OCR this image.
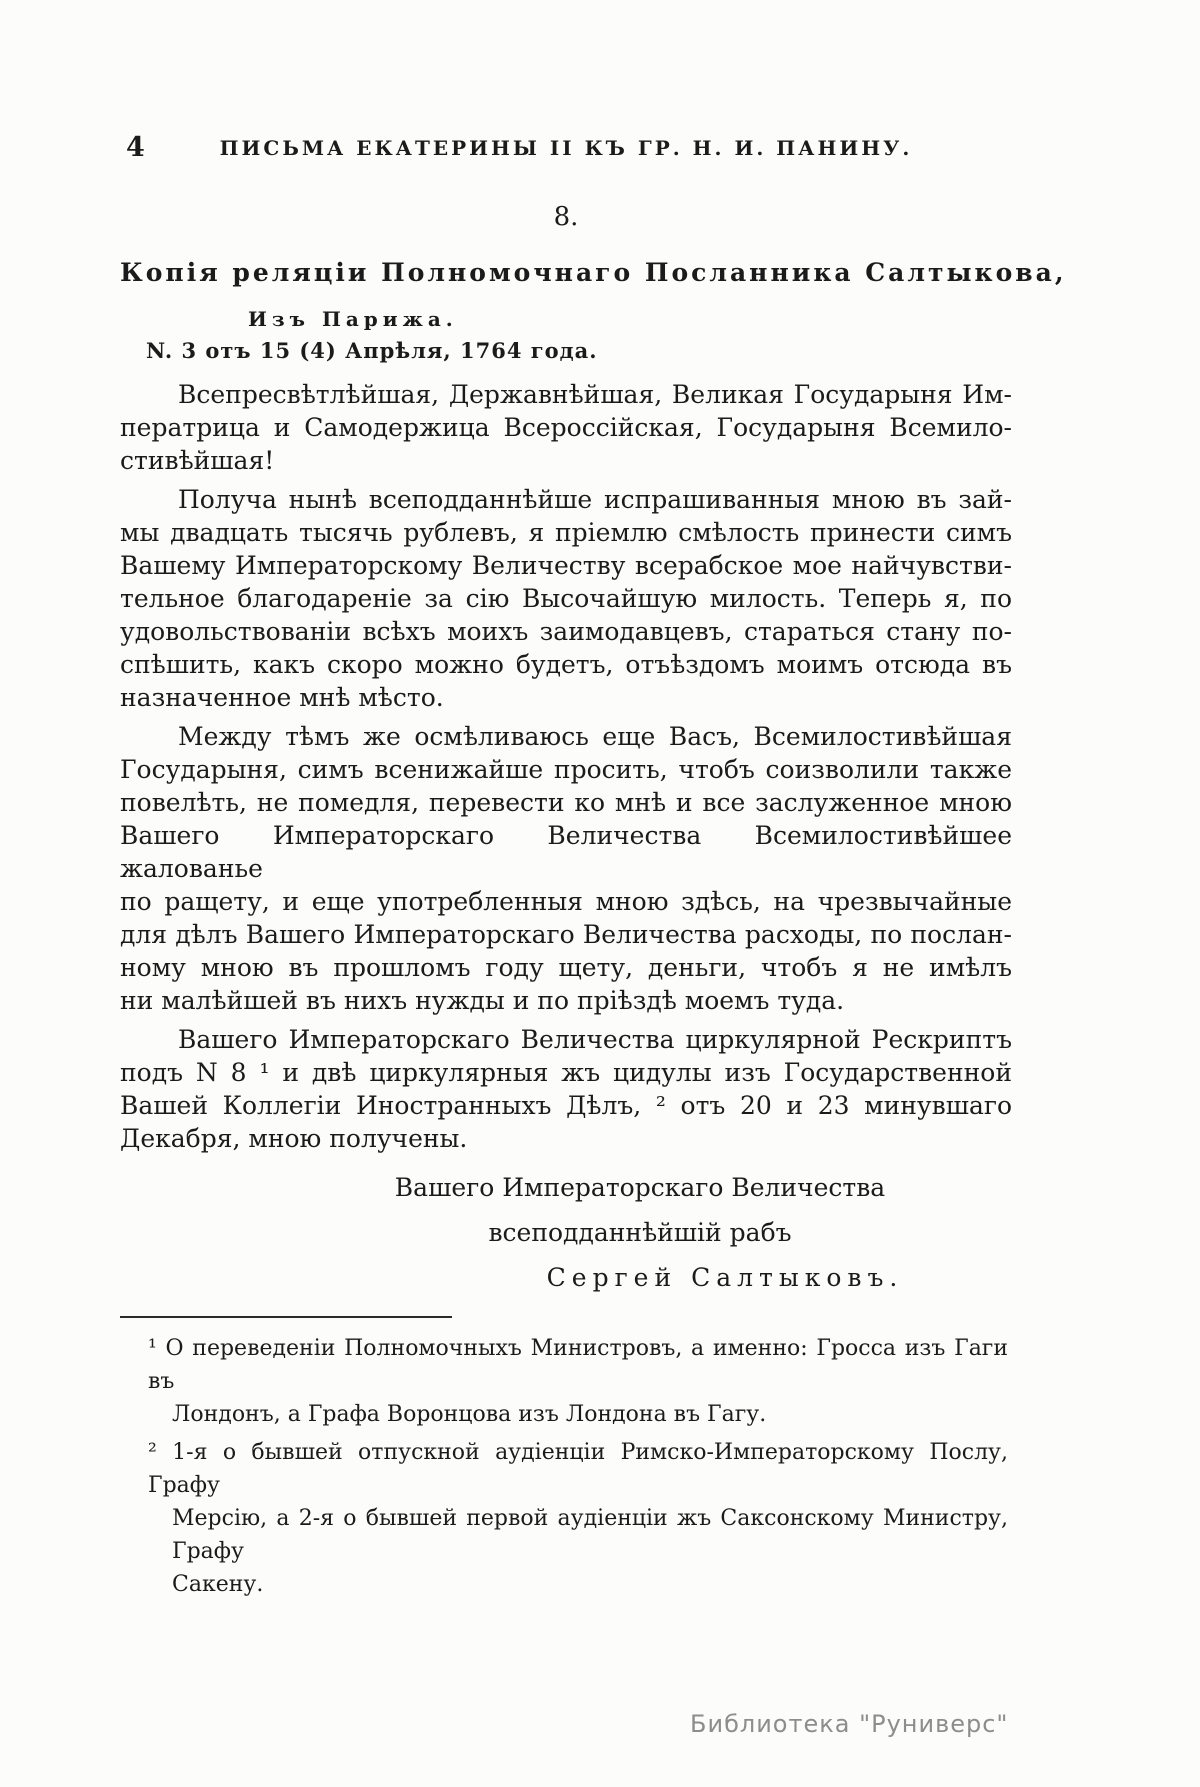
4	ПИСЬМА ЕКАТЕРИНЫ II КЪ ГР. Н. И. ПАНИНУ.
8.
Копія реляціи Полномочнаго Посланника Салтыкова,
Изъ Парижа.
N. 3 отъ 15 (4) Апрѣля, 1764 года.
Всепресвѣтлѣйшая, Державнѣйшая, Великая Государыня Им-
ператрица и Самодержица Всероссійская, Государыня Всемило-
стивѣйшая!
Получа нынѣ всеподданнѣйше испрашиванныя мною въ зай-
мы двадцать тысячь рублевъ, я пріемлю смѣлость принести симъ
Вашему Императорскому Величеству всерабское мое найчувстви-
тельное благодареніе за сію Высочайшую милость. Теперь я, по
удовольствованіи всѣхъ моихъ заимодавцевъ, стараться стану по-
спѣшить, какъ скоро можно будетъ, отъѣздомъ моимъ отсюда въ
назначенное мнѣ мѣсто.
Между тѣмъ же осмѣливаюсь еще Васъ, Всемилостивѣйшая
Государыня, симъ всенижайше просить, чтобъ соизволили также
повелѣть, не помедля, перевести ко мнѣ и все заслуженное мною
Вашего Императорскаго Величества Всемилостивѣйшее жалованье
по ращету, и еще употребленныя мною здѣсь, на чрезвычайные
для дѣлъ Вашего Императорскаго Величества расходы, по послан-
ному мною въ прошломъ году щету, деньги, чтобъ я не имѣлъ
ни малѣйшей въ нихъ нужды и по пріѣздѣ моемъ туда.
Вашего Императорскаго Величества циркулярной Рескриптъ
подъ N 8 ¹ и двѣ циркулярныя жъ цидулы изъ Государственной
Вашей Коллегіи Иностранныхъ Дѣлъ, ² отъ 20 и 23 минувшаго
Декабря, мною получены.
Вашего Императорскаго Величества
всеподданнѣйшій рабъ
Сергей Салтыковъ.
¹ О переведеніи Полномочныхъ Министровъ, а именно: Гросса изъ Гаги въ
Лондонъ, а Графа Воронцова изъ Лондона въ Гагу.
² 1-я о бывшей отпускной аудіенціи Римско-Императорскому Послу, Графу
Мерсію, а 2-я о бывшей первой аудіенціи жъ Саксонскому Министру, Графу
Сакену.
Библиотека "Руниверс"
